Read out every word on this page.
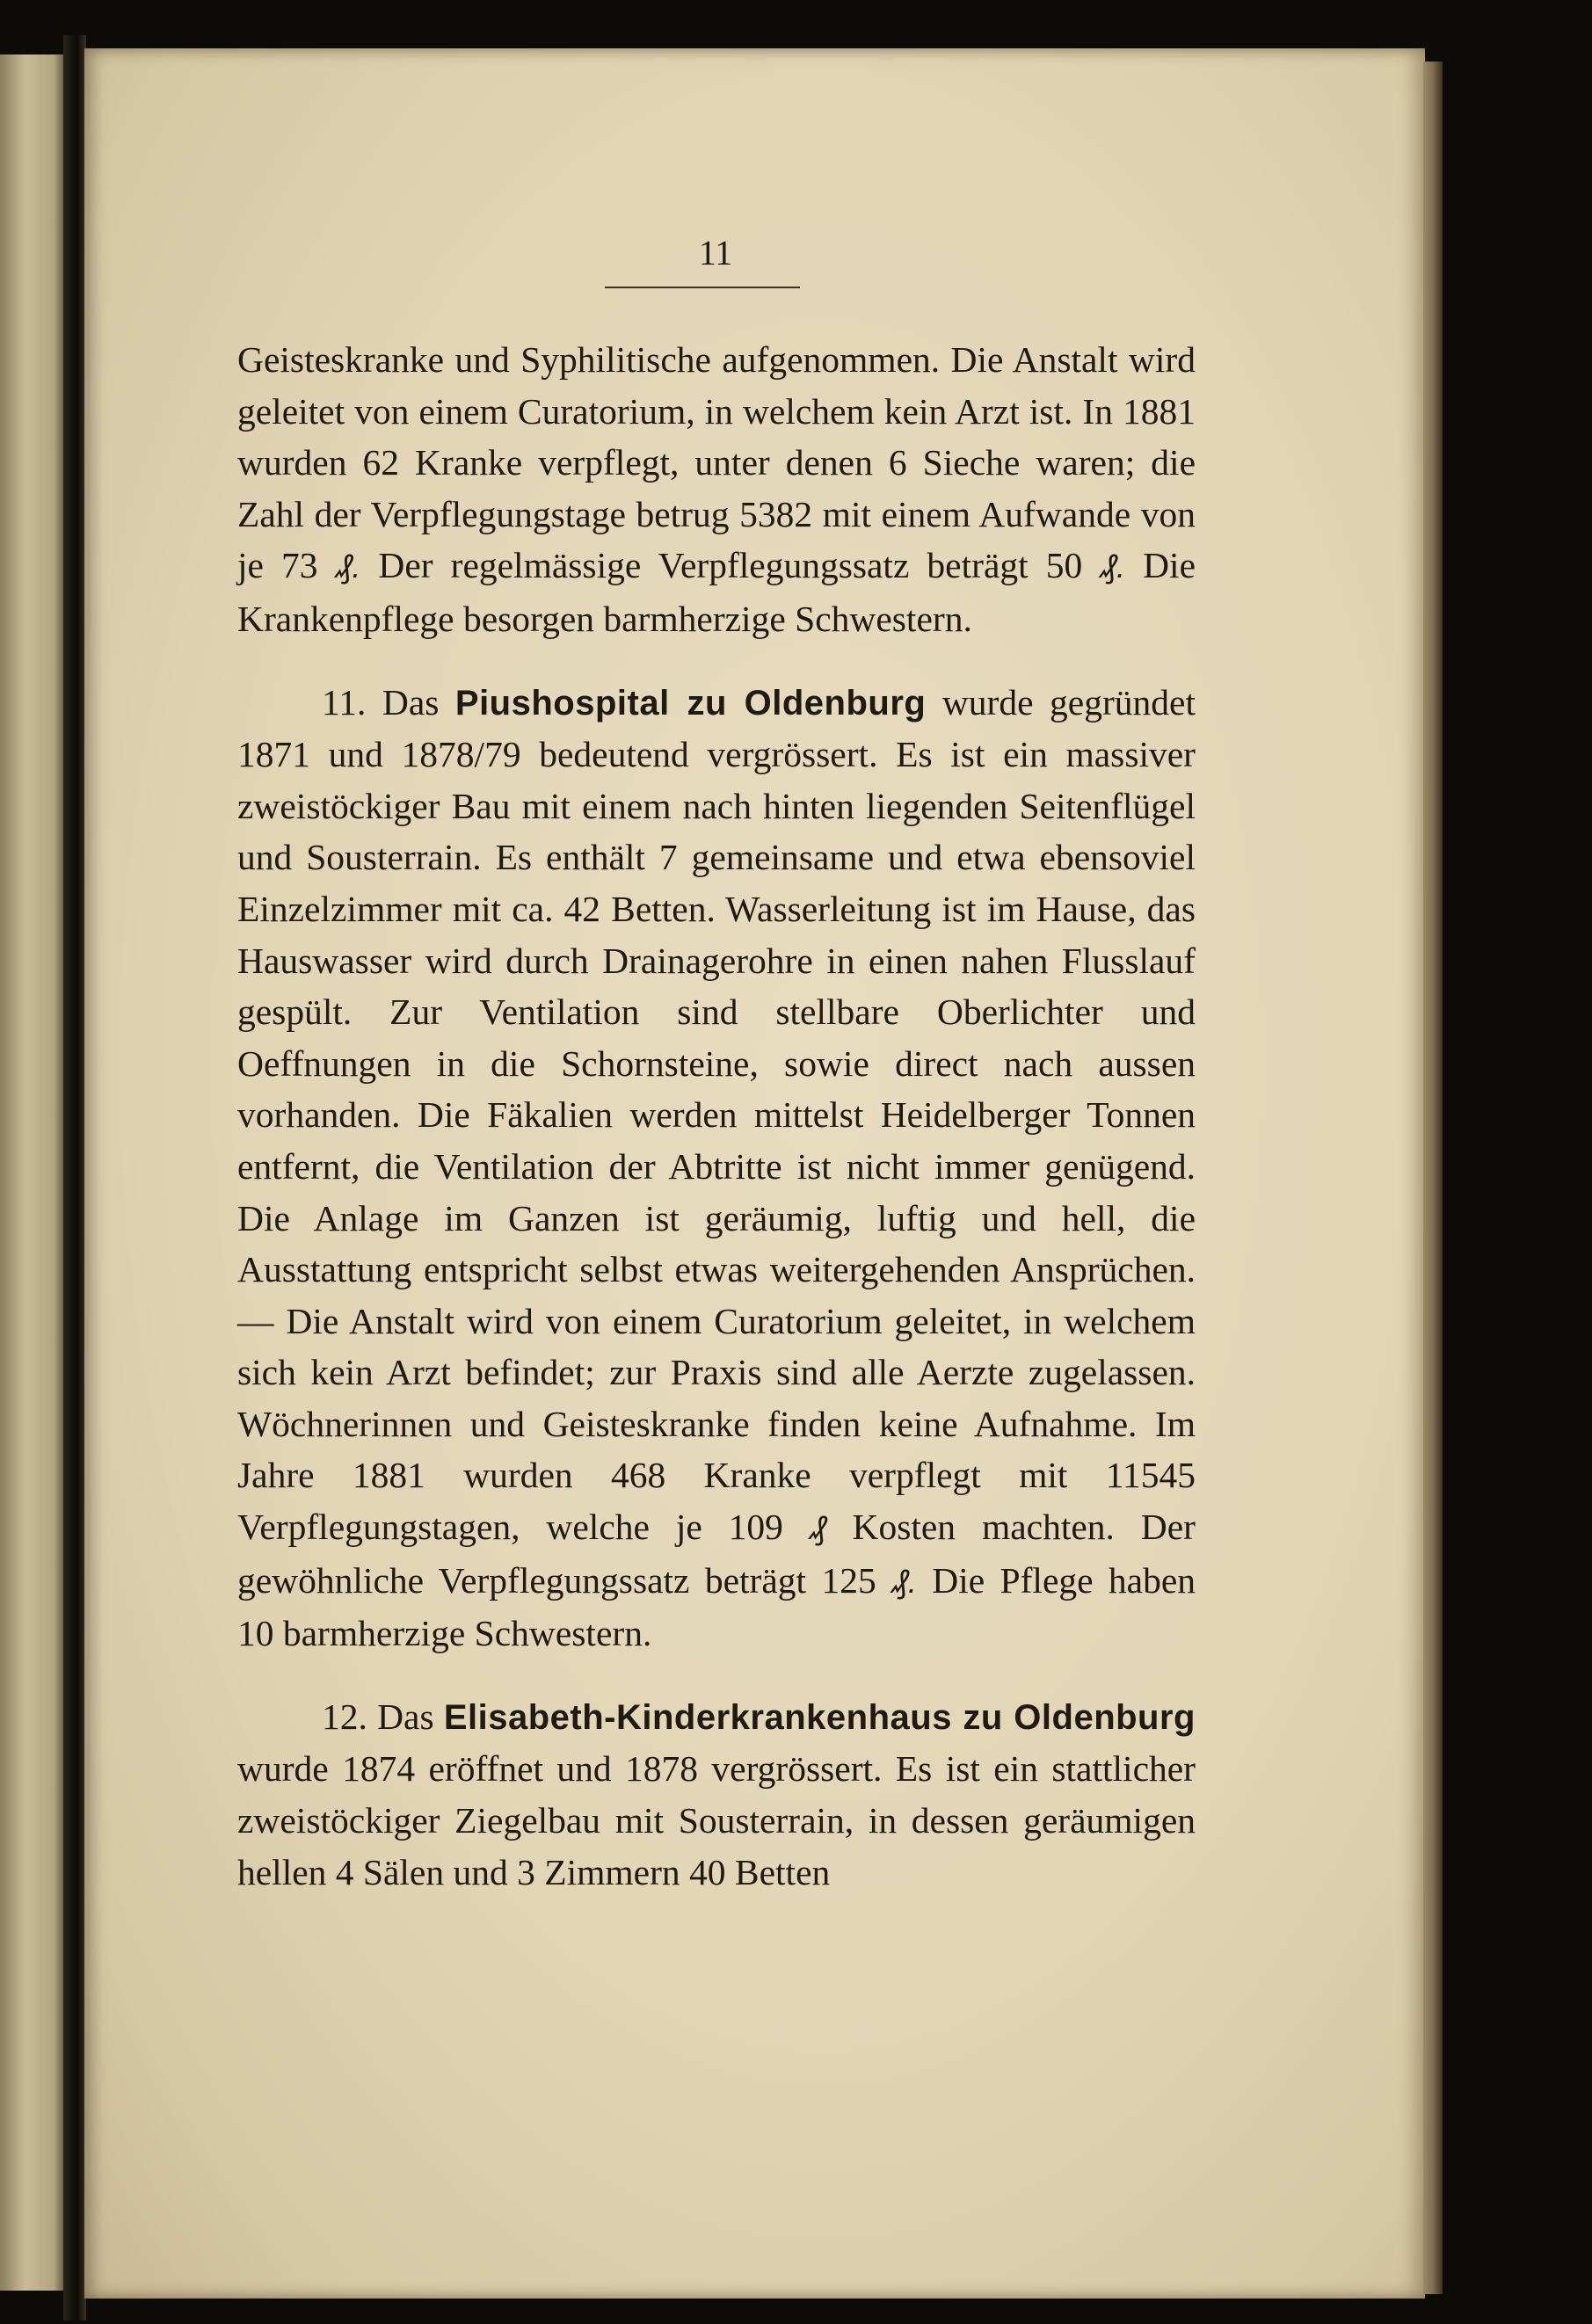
11

Geisteskranke und Syphilitische aufgenommen. Die Anstalt wird geleitet von einem Curatorium, in welchem kein Arzt ist. In 1881 wurden 62 Kranke verpflegt, unter denen 6 Sieche waren; die Zahl der Verpflegungstage betrug 5382 mit einem Aufwande von je 73 ₰. Der regelmässige Verpflegungssatz beträgt 50 ₰. Die Krankenpflege besorgen barmherzige Schwestern.

11. Das Piushospital zu Oldenburg wurde gegründet 1871 und 1878/79 bedeutend vergrössert. Es ist ein massiver zweistöckiger Bau mit einem nach hinten liegenden Seitenflügel und Sousterrain. Es enthält 7 gemeinsame und etwa ebensoviel Einzelzimmer mit ca. 42 Betten. Wasserleitung ist im Hause, das Hauswasser wird durch Drainagerohre in einen nahen Flusslauf gespült. Zur Ventilation sind stellbare Oberlichter und Oeffnungen in die Schornsteine, sowie direct nach aussen vorhanden. Die Fäkalien werden mittelst Heidelberger Tonnen entfernt, die Ventilation der Abtritte ist nicht immer genügend. Die Anlage im Ganzen ist geräumig, luftig und hell, die Ausstattung entspricht selbst etwas weitergehenden Ansprüchen. — Die Anstalt wird von einem Curatorium geleitet, in welchem sich kein Arzt befindet; zur Praxis sind alle Aerzte zugelassen. Wöchnerinnen und Geisteskranke finden keine Aufnahme. Im Jahre 1881 wurden 468 Kranke verpflegt mit 11545 Verpflegungstagen, welche je 109 ₰ Kosten machten. Der gewöhnliche Verpflegungssatz beträgt 125 ₰. Die Pflege haben 10 barmherzige Schwestern.

12. Das Elisabeth-Kinderkrankenhaus zu Oldenburg wurde 1874 eröffnet und 1878 vergrössert. Es ist ein stattlicher zweistöckiger Ziegelbau mit Sousterrain, in dessen geräumigen hellen 4 Sälen und 3 Zimmern 40 Betten
